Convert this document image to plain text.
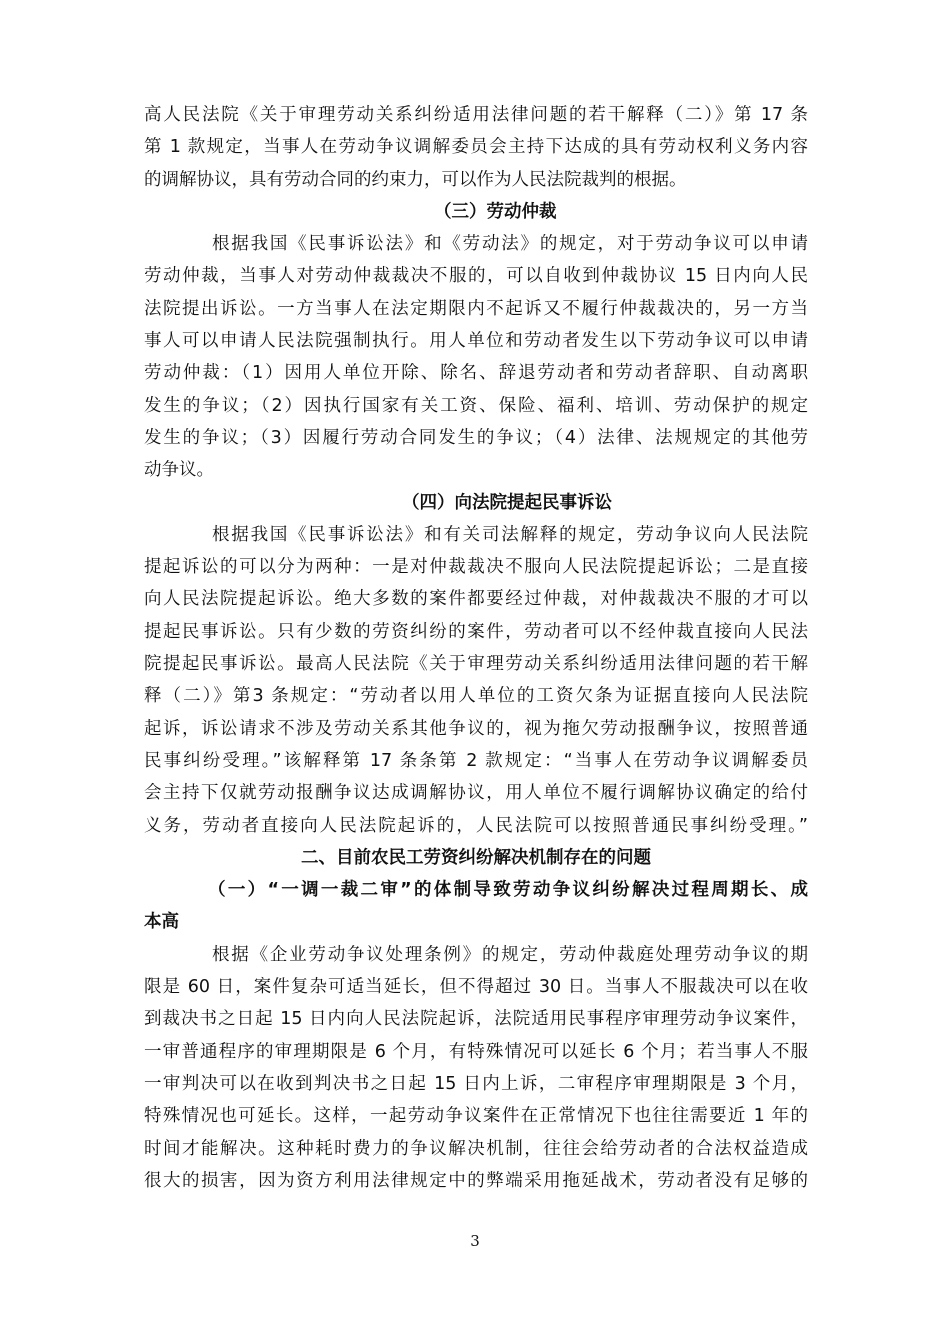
高人民法院《关于审理劳动关系纠纷适用法律问题的若干解释（二）》第 17 条
第 1 款规定，当事人在劳动争议调解委员会主持下达成的具有劳动权利义务内容
的调解协议，具有劳动合同的约束力，可以作为人民法院裁判的根据。
（三）劳动仲裁
根据我国《民事诉讼法》和《劳动法》的规定，对于劳动争议可以申请
劳动仲裁，当事人对劳动仲裁裁决不服的，可以自收到仲裁协议 15 日内向人民
法院提出诉讼。一方当事人在法定期限内不起诉又不履行仲裁裁决的，另一方当
事人可以申请人民法院强制执行。用人单位和劳动者发生以下劳动争议可以申请
劳动仲裁：（1）因用人单位开除、除名、辞退劳动者和劳动者辞职、自动离职
发生的争议；（2）因执行国家有关工资、保险、福利、培训、劳动保护的规定
发生的争议；（3）因履行劳动合同发生的争议；（4）法律、法规规定的其他劳
动争议。
（四）向法院提起民事诉讼
根据我国《民事诉讼法》和有关司法解释的规定，劳动争议向人民法院
提起诉讼的可以分为两种：一是对仲裁裁决不服向人民法院提起诉讼；二是直接
向人民法院提起诉讼。绝大多数的案件都要经过仲裁，对仲裁裁决不服的才可以
提起民事诉讼。只有少数的劳资纠纷的案件，劳动者可以不经仲裁直接向人民法
院提起民事诉讼。最高人民法院《关于审理劳动关系纠纷适用法律问题的若干解
释（二）》第3 条规定：“劳动者以用人单位的工资欠条为证据直接向人民法院
起诉，诉讼请求不涉及劳动关系其他争议的，视为拖欠劳动报酬争议，按照普通
民事纠纷受理。”该解释第 17 条条第 2 款规定：“当事人在劳动争议调解委员
会主持下仅就劳动报酬争议达成调解协议，用人单位不履行调解协议确定的给付
义务，劳动者直接向人民法院起诉的，人民法院可以按照普通民事纠纷受理。”
二、目前农民工劳资纠纷解决机制存在的问题
（一）“一调一裁二审”的体制导致劳动争议纠纷解决过程周期长、成
本高
根据《企业劳动争议处理条例》的规定，劳动仲裁庭处理劳动争议的期
限是 60 日，案件复杂可适当延长，但不得超过 30 日。当事人不服裁决可以在收
到裁决书之日起 15 日内向人民法院起诉，法院适用民事程序审理劳动争议案件，
一审普通程序的审理期限是 6 个月，有特殊情况可以延长 6 个月；若当事人不服
一审判决可以在收到判决书之日起 15 日内上诉，二审程序审理期限是 3 个月，
特殊情况也可延长。这样，一起劳动争议案件在正常情况下也往往需要近 1 年的
时间才能解决。这种耗时费力的争议解决机制，往往会给劳动者的合法权益造成
很大的损害，因为资方利用法律规定中的弊端采用拖延战术，劳动者没有足够的
3
